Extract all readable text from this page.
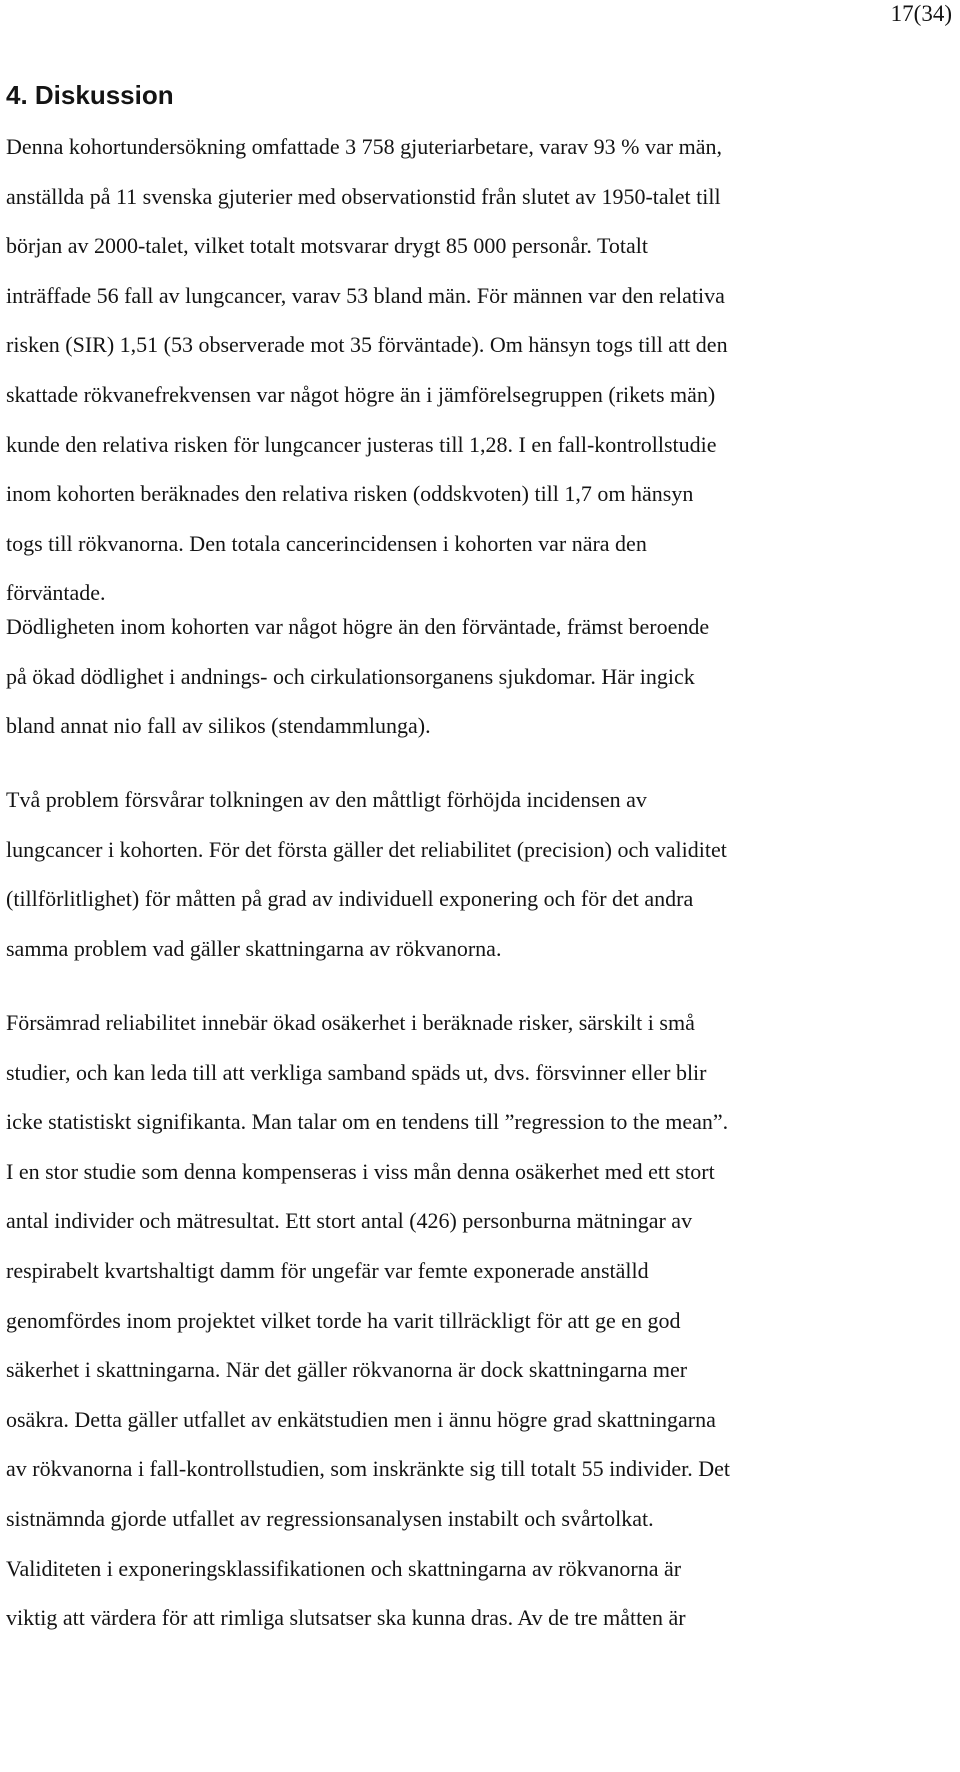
17(34)
4. Diskussion

Denna kohortundersökning omfattade 3 758 gjuteriarbetare, varav 93 % var män,
anställda på 11 svenska gjuterier med observationstid från slutet av 1950-talet till
början av 2000-talet, vilket totalt motsvarar drygt 85 000 personår. Totalt
inträffade 56 fall av lungcancer, varav 53 bland män. För männen var den relativa
risken (SIR) 1,51 (53 observerade mot 35 förväntade). Om hänsyn togs till att den
skattade rökvanefrekvensen var något högre än i jämförelsegruppen (rikets män)
kunde den relativa risken för lungcancer justeras till 1,28. I en fall-kontrollstudie
inom kohorten beräknades den relativa risken (oddskvoten) till 1,7 om hänsyn
togs till rökvanorna. Den totala cancerincidensen i kohorten var nära den
förväntade.

Dödligheten inom kohorten var något högre än den förväntade, främst beroende
på ökad dödlighet i andnings- och cirkulationsorganens sjukdomar. Här ingick
bland annat nio fall av silikos (stendammlunga).

Två problem försvårar tolkningen av den måttligt förhöjda incidensen av
lungcancer i kohorten. För det första gäller det reliabilitet (precision) och validitet
(tillförlitlighet) för måtten på grad av individuell exponering och för det andra
samma problem vad gäller skattningarna av rökvanorna.

Försämrad reliabilitet innebär ökad osäkerhet i beräknade risker, särskilt i små
studier, och kan leda till att verkliga samband späds ut, dvs. försvinner eller blir
icke statistiskt signifikanta. Man talar om en tendens till ”regression to the mean”.
I en stor studie som denna kompenseras i viss mån denna osäkerhet med ett stort
antal individer och mätresultat. Ett stort antal (426) personburna mätningar av
respirabelt kvartshaltigt damm för ungefär var femte exponerade anställd
genomfördes inom projektet vilket torde ha varit tillräckligt för att ge en god
säkerhet i skattningarna. När det gäller rökvanorna är dock skattningarna mer
osäkra. Detta gäller utfallet av enkätstudien men i ännu högre grad skattningarna
av rökvanorna i fall-kontrollstudien, som inskränkte sig till totalt 55 individer. Det
sistnämnda gjorde utfallet av regressionsanalysen instabilt och svårtolkat.
Validiteten i exponeringsklassifikationen och skattningarna av rökvanorna är
viktig att värdera för att rimliga slutsatser ska kunna dras. Av de tre måtten är
